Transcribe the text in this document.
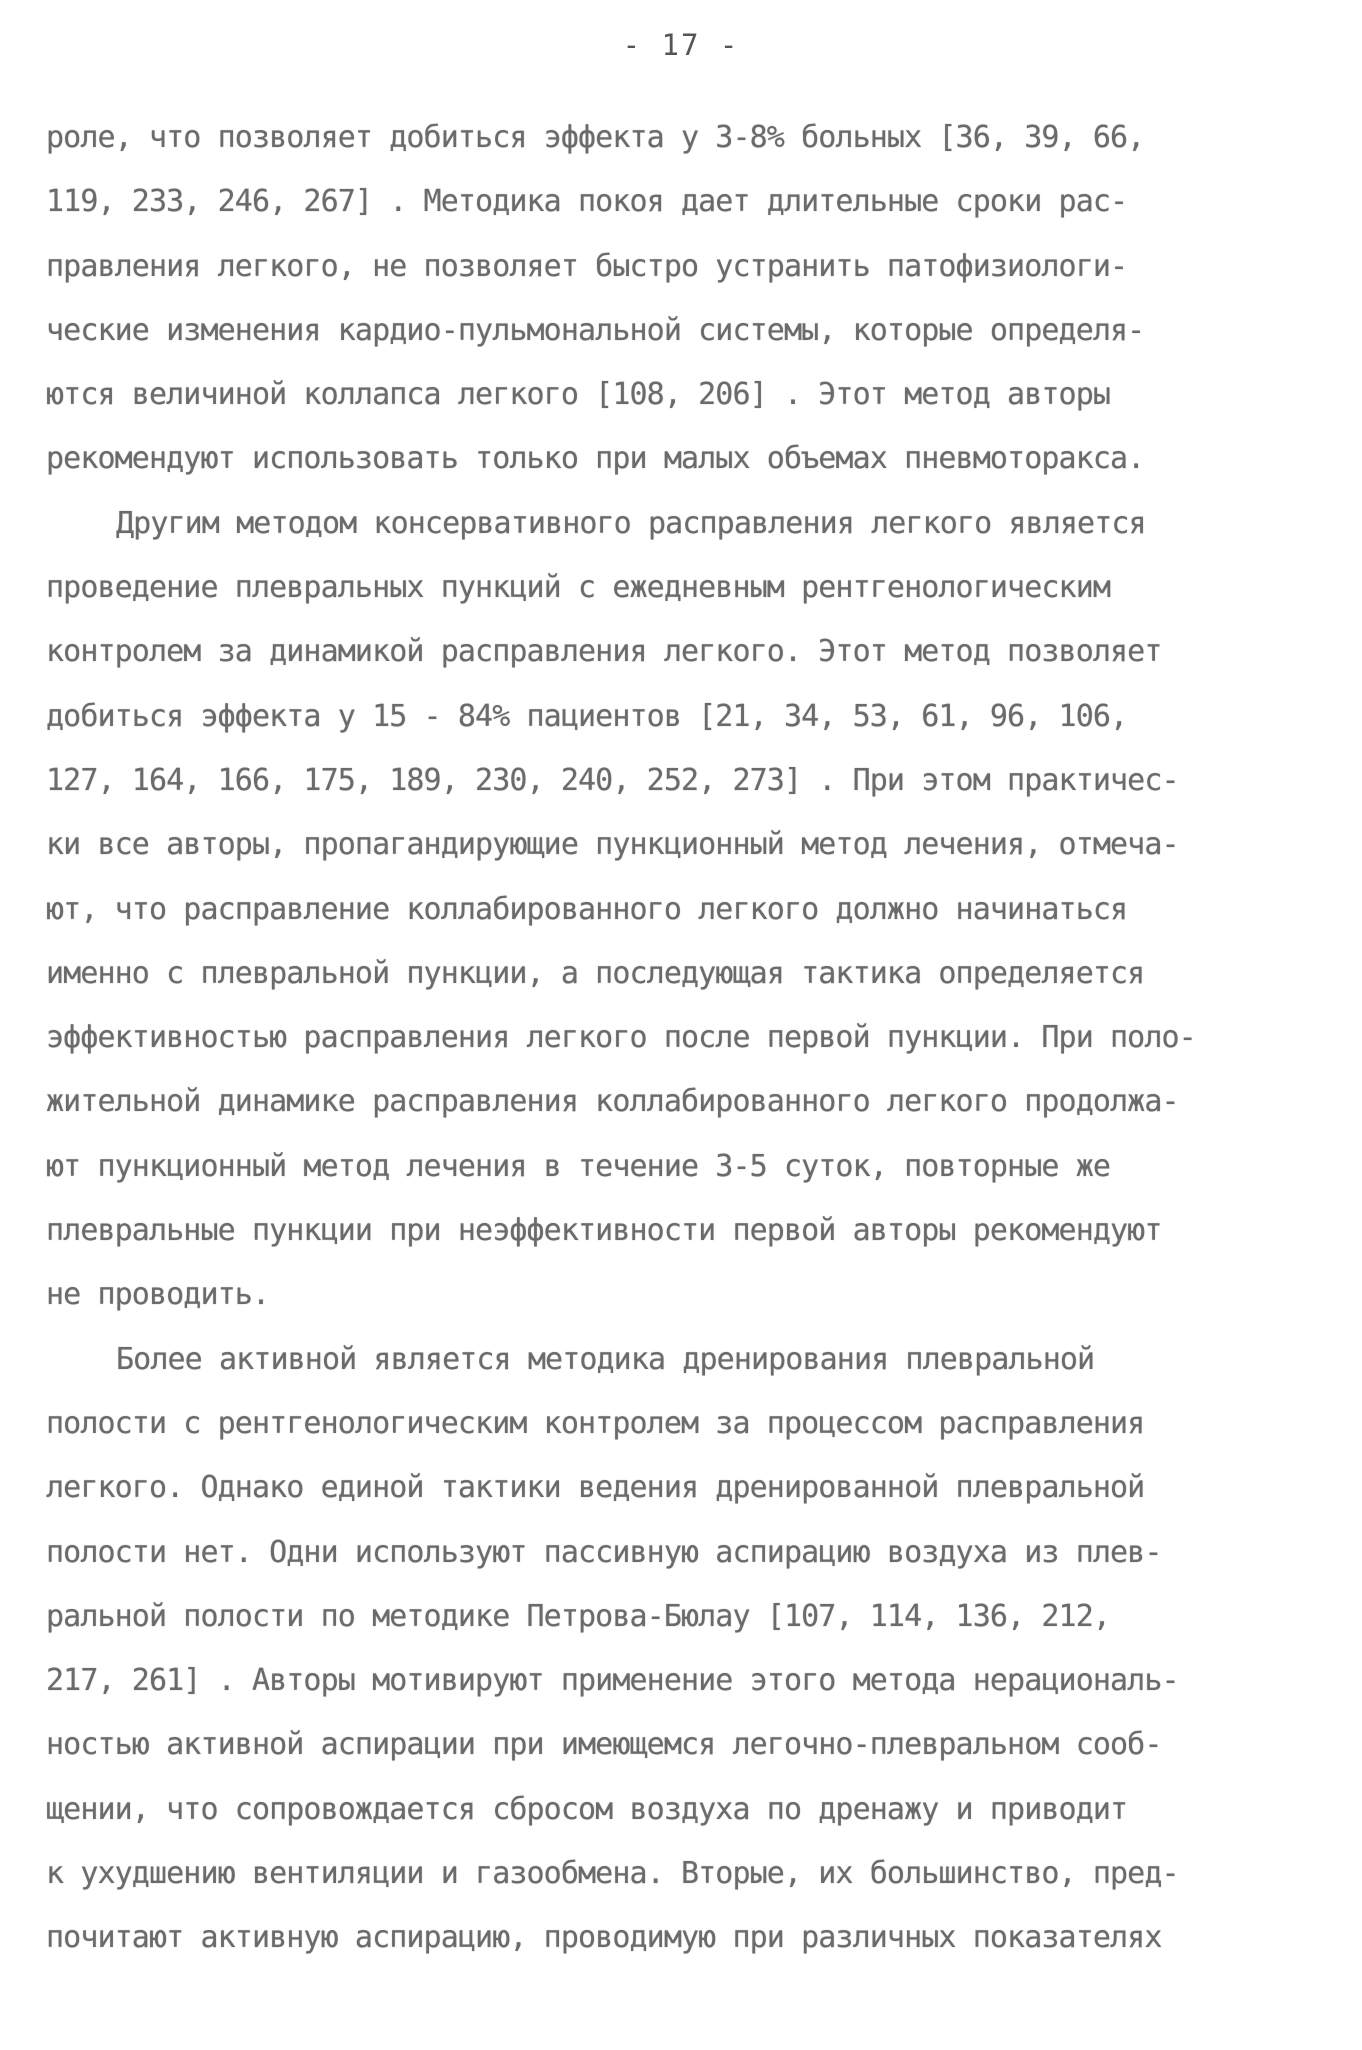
- 17 -
роле, что позволяет добиться эффекта у 3-8% больных [36, 39, 66,
119, 233, 246, 267] . Методика покоя дает длительные сроки рас-
правления легкого, не позволяет быстро устранить патофизиологи-
ческие изменения кардио-пульмональной системы, которые определя-
ются величиной коллапса легкого [108, 206] . Этот метод авторы
рекомендуют использовать только при малых объемах пневмоторакса.
Другим методом консервативного расправления легкого является
проведение плевральных пункций с ежедневным рентгенологическим
контролем за динамикой расправления легкого. Этот метод позволяет
добиться эффекта у 15 - 84% пациентов [21, 34, 53, 61, 96, 106,
127, 164, 166, 175, 189, 230, 240, 252, 273] . При этом практичес-
ки все авторы, пропагандирующие пункционный метод лечения, отмеча-
ют, что расправление коллабированного легкого должно начинаться
именно с плевральной пункции, а последующая тактика определяется
эффективностью расправления легкого после первой пункции. При поло-
жительной динамике расправления коллабированного легкого продолжа-
ют пункционный метод лечения в течение 3-5 суток, повторные же
плевральные пункции при неэффективности первой авторы рекомендуют
не проводить.
Более активной является методика дренирования плевральной
полости с рентгенологическим контролем за процессом расправления
легкого. Однако единой тактики ведения дренированной плевральной
полости нет. Одни используют пассивную аспирацию воздуха из плев-
ральной полости по методике Петрова-Бюлау [107, 114, 136, 212,
217, 261] . Авторы мотивируют применение этого метода нерациональ-
ностью активной аспирации при имеющемся легочно-плевральном сооб-
щении, что сопровождается сбросом воздуха по дренажу и приводит
к ухудшению вентиляции и газообмена. Вторые, их большинство, пред-
почитают активную аспирацию, проводимую при различных показателях
